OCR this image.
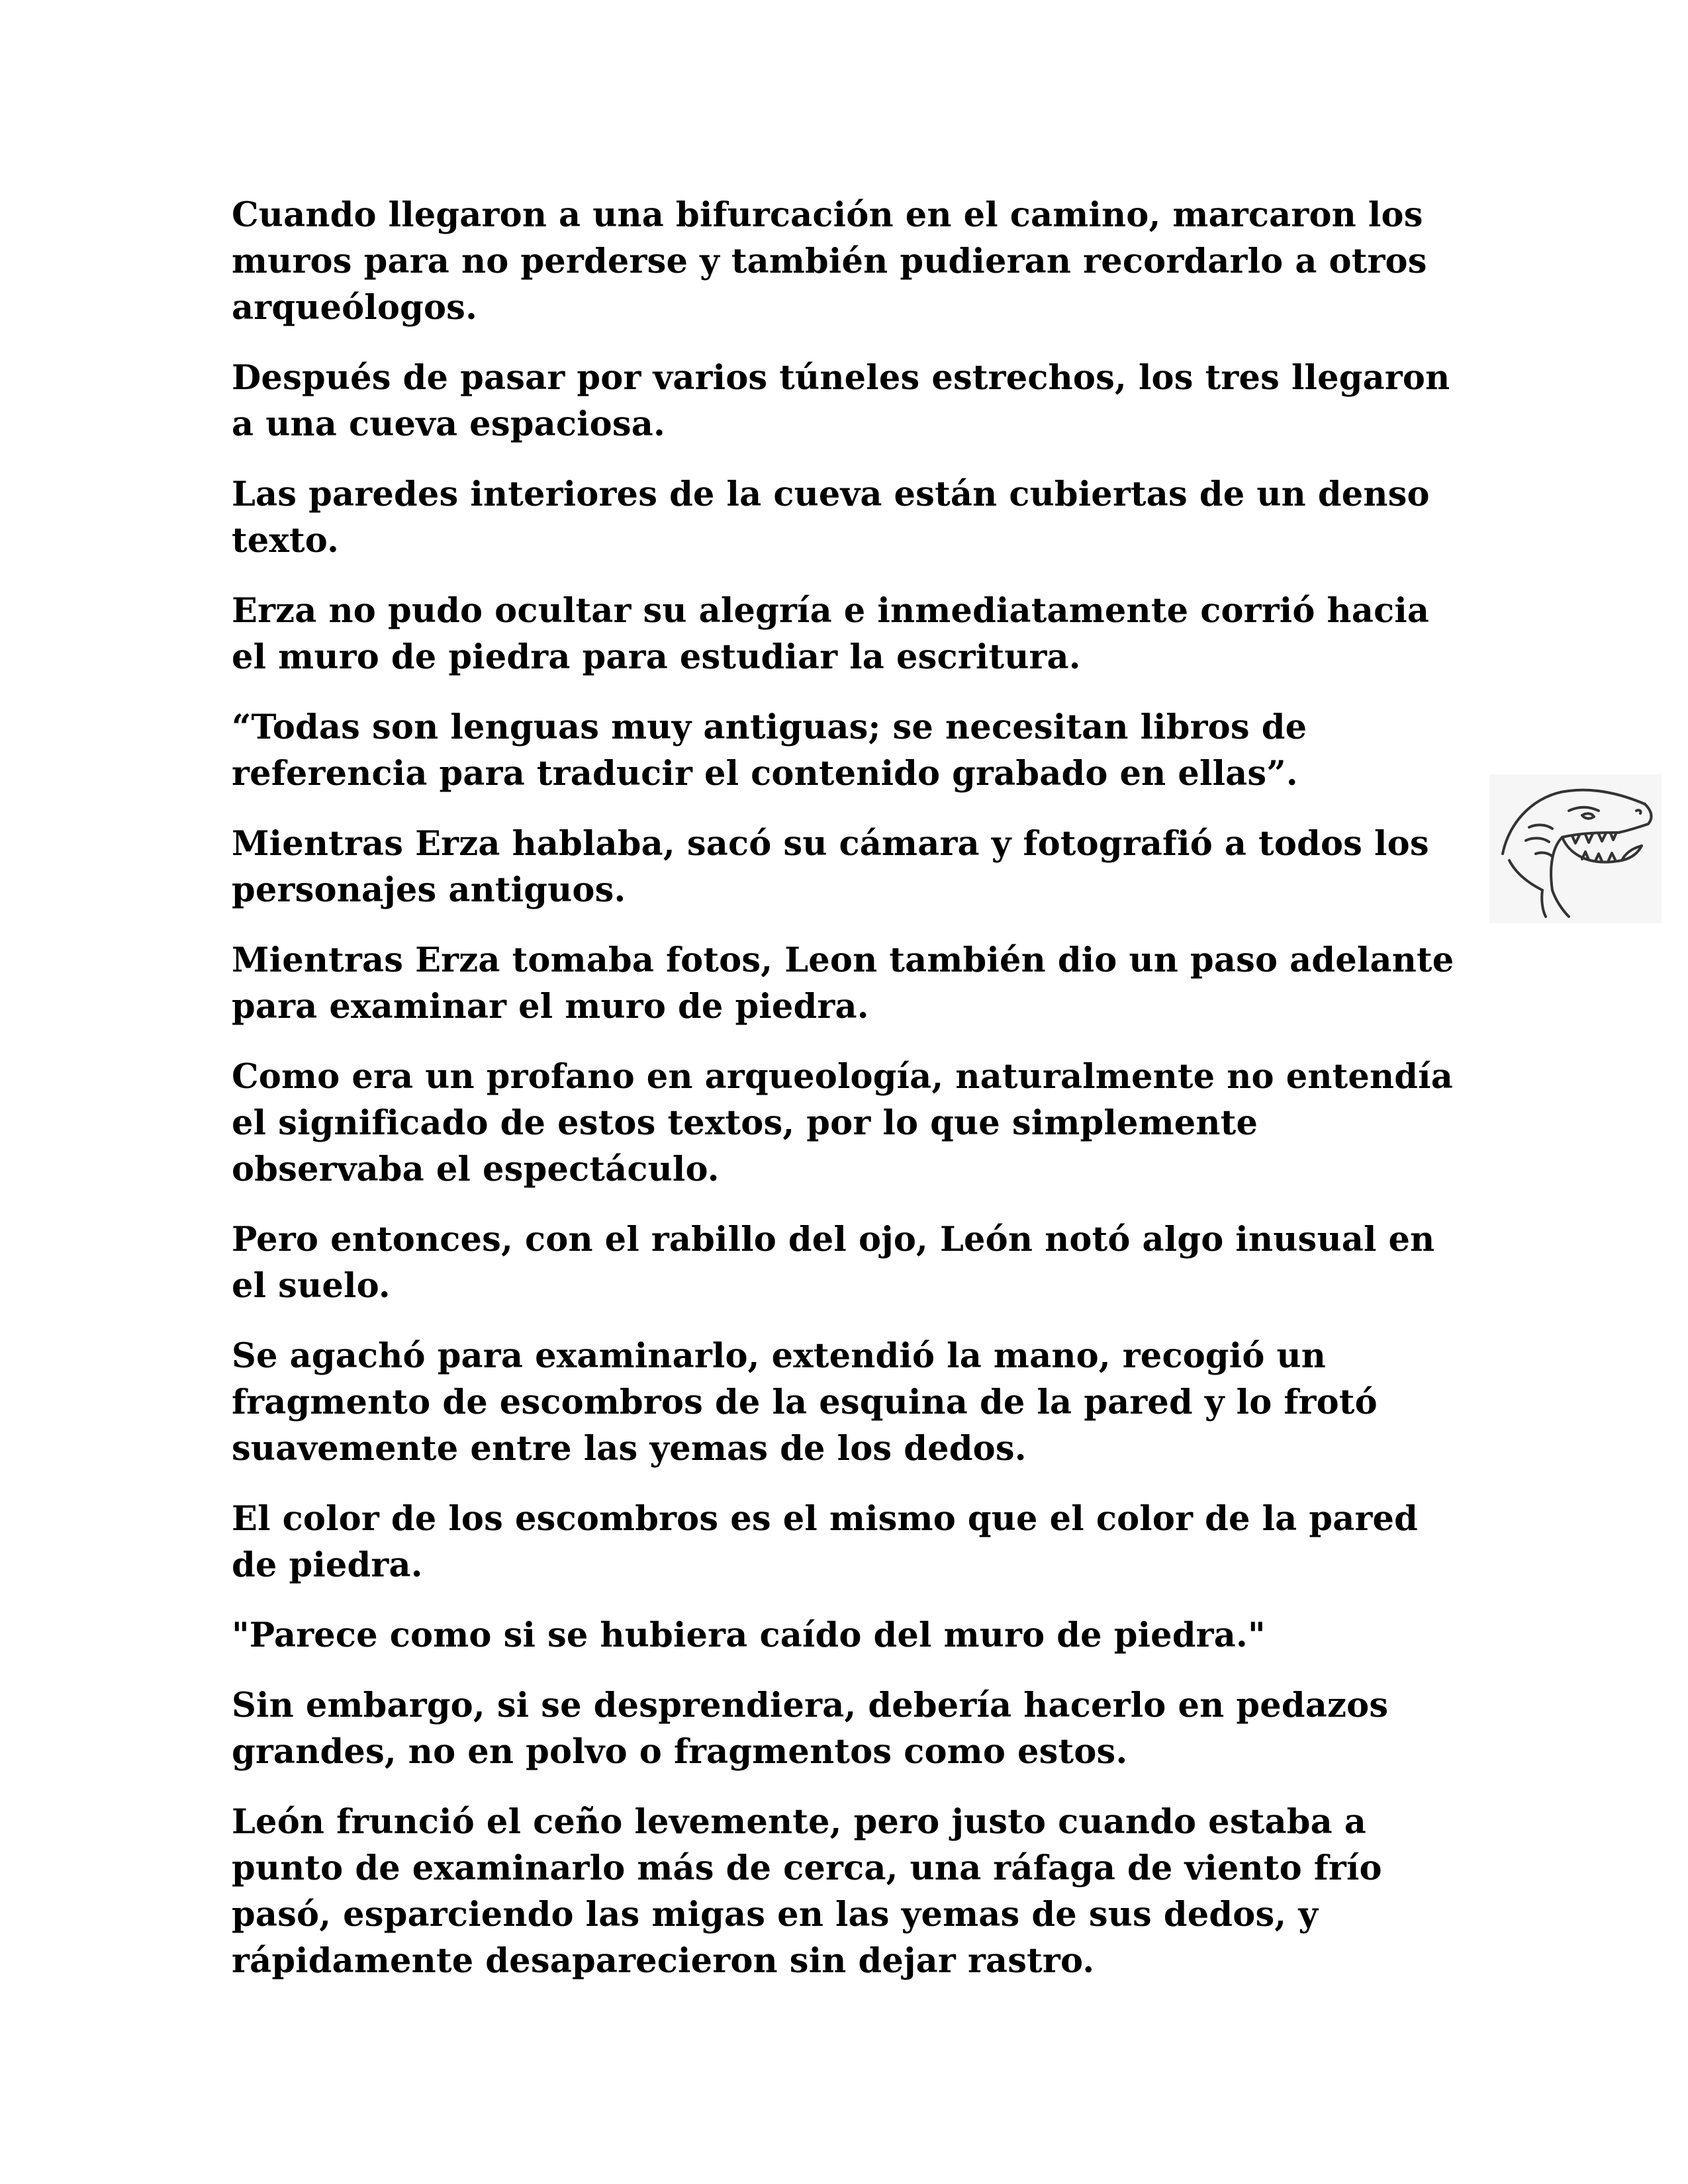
Cuando llegaron a una bifurcación en el camino, marcaron los muros para no perderse y también pudieran recordarlo a otros arqueólogos.

Después de pasar por varios túneles estrechos, los tres llegaron a una cueva espaciosa.

Las paredes interiores de la cueva están cubiertas de un denso texto.

Erza no pudo ocultar su alegría e inmediatamente corrió hacia el muro de piedra para estudiar la escritura.

“Todas son lenguas muy antiguas; se necesitan libros de referencia para traducir el contenido grabado en ellas”.

Mientras Erza hablaba, sacó su cámara y fotografió a todos los personajes antiguos.

Mientras Erza tomaba fotos, Leon también dio un paso adelante para examinar el muro de piedra.

Como era un profano en arqueología, naturalmente no entendía el significado de estos textos, por lo que simplemente observaba el espectáculo.

Pero entonces, con el rabillo del ojo, León notó algo inusual en el suelo.

Se agachó para examinarlo, extendió la mano, recogió un fragmento de escombros de la esquina de la pared y lo frotó suavemente entre las yemas de los dedos.

El color de los escombros es el mismo que el color de la pared de piedra.

"Parece como si se hubiera caído del muro de piedra."

Sin embargo, si se desprendiera, debería hacerlo en pedazos grandes, no en polvo o fragmentos como estos.

León frunció el ceño levemente, pero justo cuando estaba a punto de examinarlo más de cerca, una ráfaga de viento frío pasó, esparciendo las migas en las yemas de sus dedos, y rápidamente desaparecieron sin dejar rastro.
